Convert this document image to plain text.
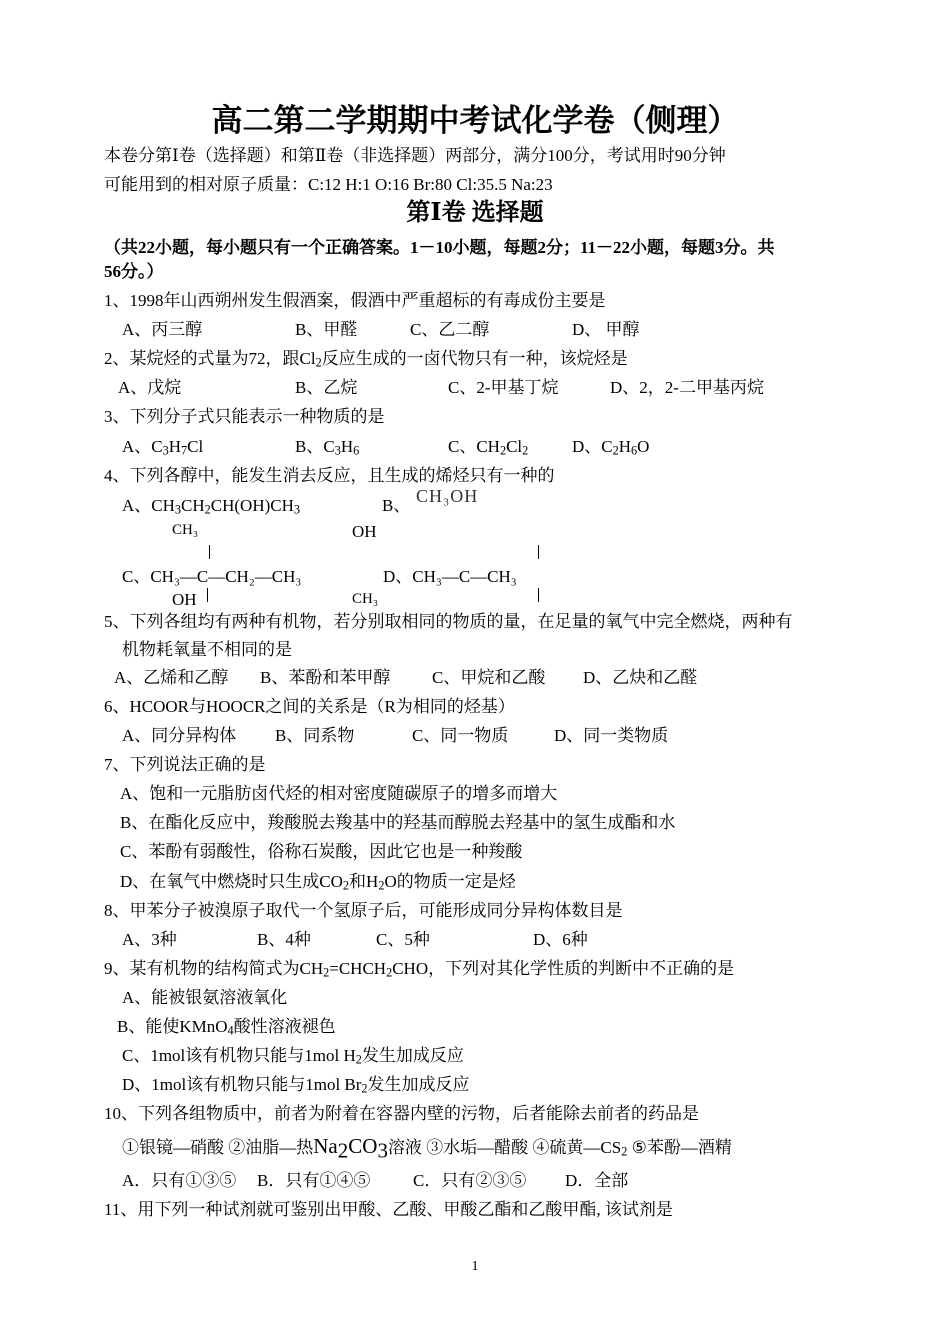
高二第二学期期中考试化学卷（侧理）
本卷分第Ⅰ卷（选择题）和第Ⅱ卷（非选择题）两部分，满分100分，考试用时90分钟
可能用到的相对原子质量：C:12 H:1 O:16 Br:80 Cl:35.5 Na:23
第Ⅰ卷 选择题
（共22小题，每小题只有一个正确答案。1－10小题，每题2分；11－22小题，每题3分。共
56分。）
1、1998年山西朔州发生假酒案，假酒中严重超标的有毒成份主要是
A、丙三醇	B、甲醛	C、乙二醇	D、 甲醇
2、某烷烃的式量为72，跟$Cl_2$反应生成的一卤代物只有一种，该烷烃是
A、戊烷	B、乙烷	C、2-甲基丁烷	D、2，2-二甲基丙烷
3、下列分子式只能表示一种物质的是
A、$C_3H_7Cl$	B、$C_3H_6$	C、$CH_2Cl_2$	D、$C_2H_6O$
4、下列各醇中，能发生消去反应，且生成的烯烃只有一种的
A、$CH_3CH_2CH(OH)CH_3$	B、 CH₃OH
CH₃
C、CH₃—C—CH₂—CH₃
OH
OH
D、CH₃—C—CH₃
CH₃
5、下列各组均有两种有机物，若分别取相同的物质的量，在足量的氧气中完全燃烧，两种有
机物耗氧量不相同的是
A、乙烯和乙醇 B、苯酚和苯甲醇 C、甲烷和乙酸 D、乙炔和乙醛
6、HCOOR与HOOCR之间的关系是（R为相同的烃基）
A、同分异构体 B、同系物	C、同一物质	D、同一类物质
7、下列说法正确的是
A、饱和一元脂肪卤代烃的相对密度随碳原子的增多而增大
B、在酯化反应中，羧酸脱去羧基中的羟基而醇脱去羟基中的氢生成酯和水
C、苯酚有弱酸性，俗称石炭酸，因此它也是一种羧酸
D、在氧气中燃烧时只生成$CO_2$和$H_2O$的物质一定是烃
8、甲苯分子被溴原子取代一个氢原子后，可能形成同分异构体数目是
A、3种	B、4种	C、5种	D、6种
9、某有机物的结构简式为$CH_2=CHCH_2CHO$，下列对其化学性质的判断中不正确的是
A、能被银氨溶液氧化
B、能使KMnO$_4$酸性溶液褪色
C、1mol该有机物只能与1mol $H_2$发生加成反应
D、1mol该有机物只能与1mol $Br_2$发生加成反应
10、下列各组物质中，前者为附着在容器内壁的污物，后者能除去前者的药品是
①银镜—硝酸 ②油脂—热$Na_2CO_3$溶液 ③水垢—醋酸 ④硫黄$—CS_2$ ⑤苯酚—酒精
A．只有①③⑤ B．只有①④⑤	C．只有②③⑤ D．全部
11、用下列一种试剂就可鉴别出甲酸、乙酸、甲酸乙酯和乙酸甲酯, 该试剂是
1
